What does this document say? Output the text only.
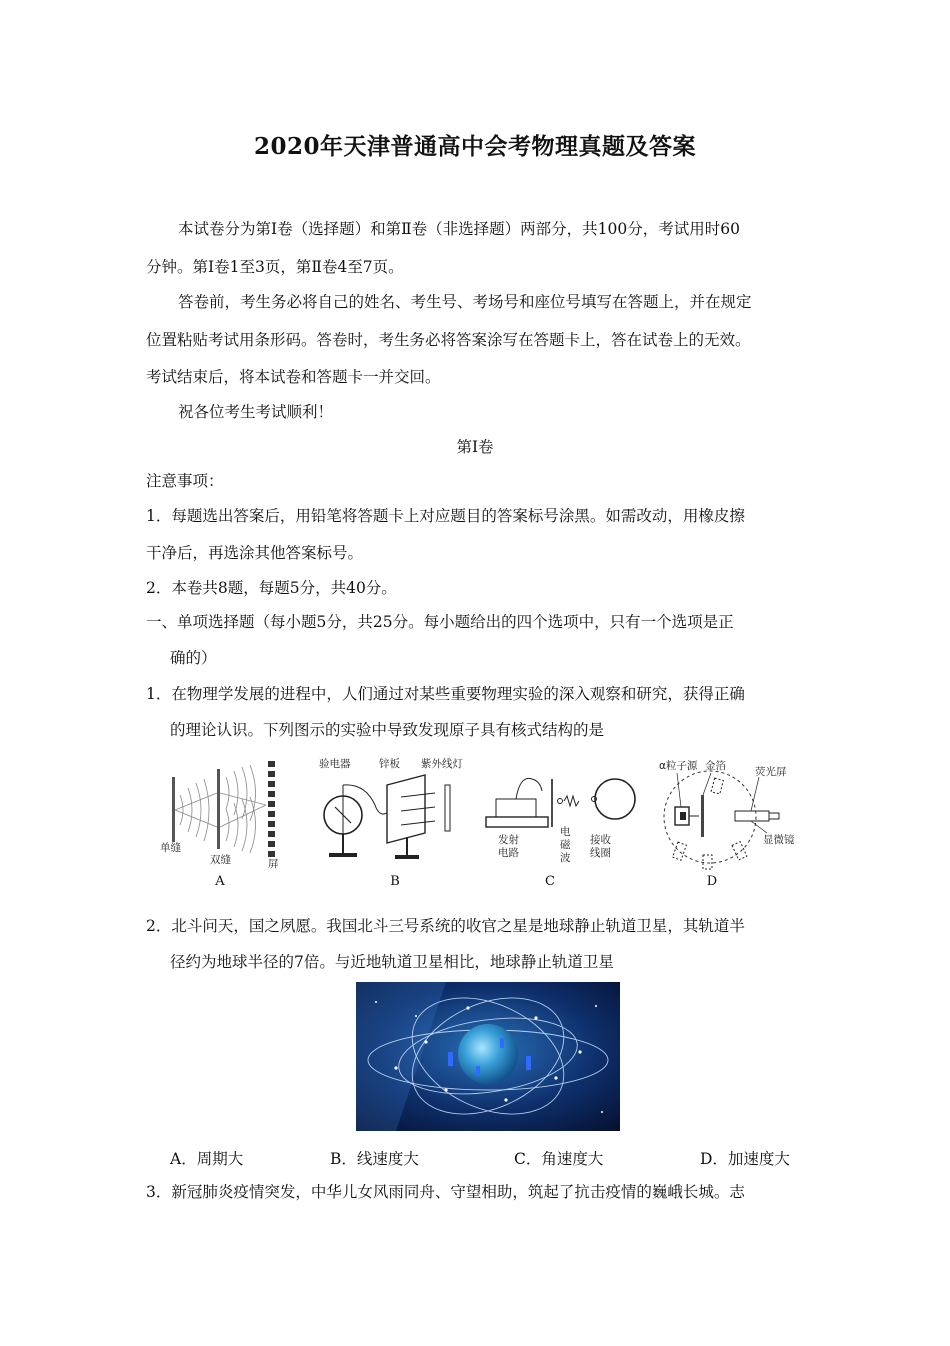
2020年天津普通高中会考物理真题及答案
本试卷分为第Ⅰ卷（选择题）和第Ⅱ卷（非选择题）两部分，共100分，考试用时60
分钟。第Ⅰ卷1至3页，第Ⅱ卷4至7页。
答卷前，考生务必将自己的姓名、考生号、考场号和座位号填写在答题上，并在规定
位置粘贴考试用条形码。答卷时，考生务必将答案涂写在答题卡上，答在试卷上的无效。
考试结束后，将本试卷和答题卡一并交回。
祝各位考生考试顺利！
第Ⅰ卷
注意事项：
1．每题选出答案后，用铅笔将答题卡上对应题目的答案标号涂黑。如需改动，用橡皮擦
干净后，再选涂其他答案标号。
2．本卷共8题，每题5分，共40分。
一、单项选择题（每小题5分，共25分。每小题给出的四个选项中，只有一个选项是正
确的）
1．在物理学发展的进程中，人们通过对某些重要物理实验的深入观察和研究，获得正确
的理论认识。下列图示的实验中导致发现原子具有核式结构的是
单缝
双缝	屏
A
验电器	锌板 紫外线灯
B
发射
电路
电
磁
波
接收
线圈
C
α粒子源 金箔	荧光屏
显微镜
D
2．北斗问天，国之夙愿。我国北斗三号系统的收官之星是地球静止轨道卫星，其轨道半
径约为地球半径的7倍。与近地轨道卫星相比，地球静止轨道卫星
A．周期大	B．线速度大	C．角速度大	D．加速度大
3．新冠肺炎疫情突发，中华儿女风雨同舟、守望相助，筑起了抗击疫情的巍峨长城。志
